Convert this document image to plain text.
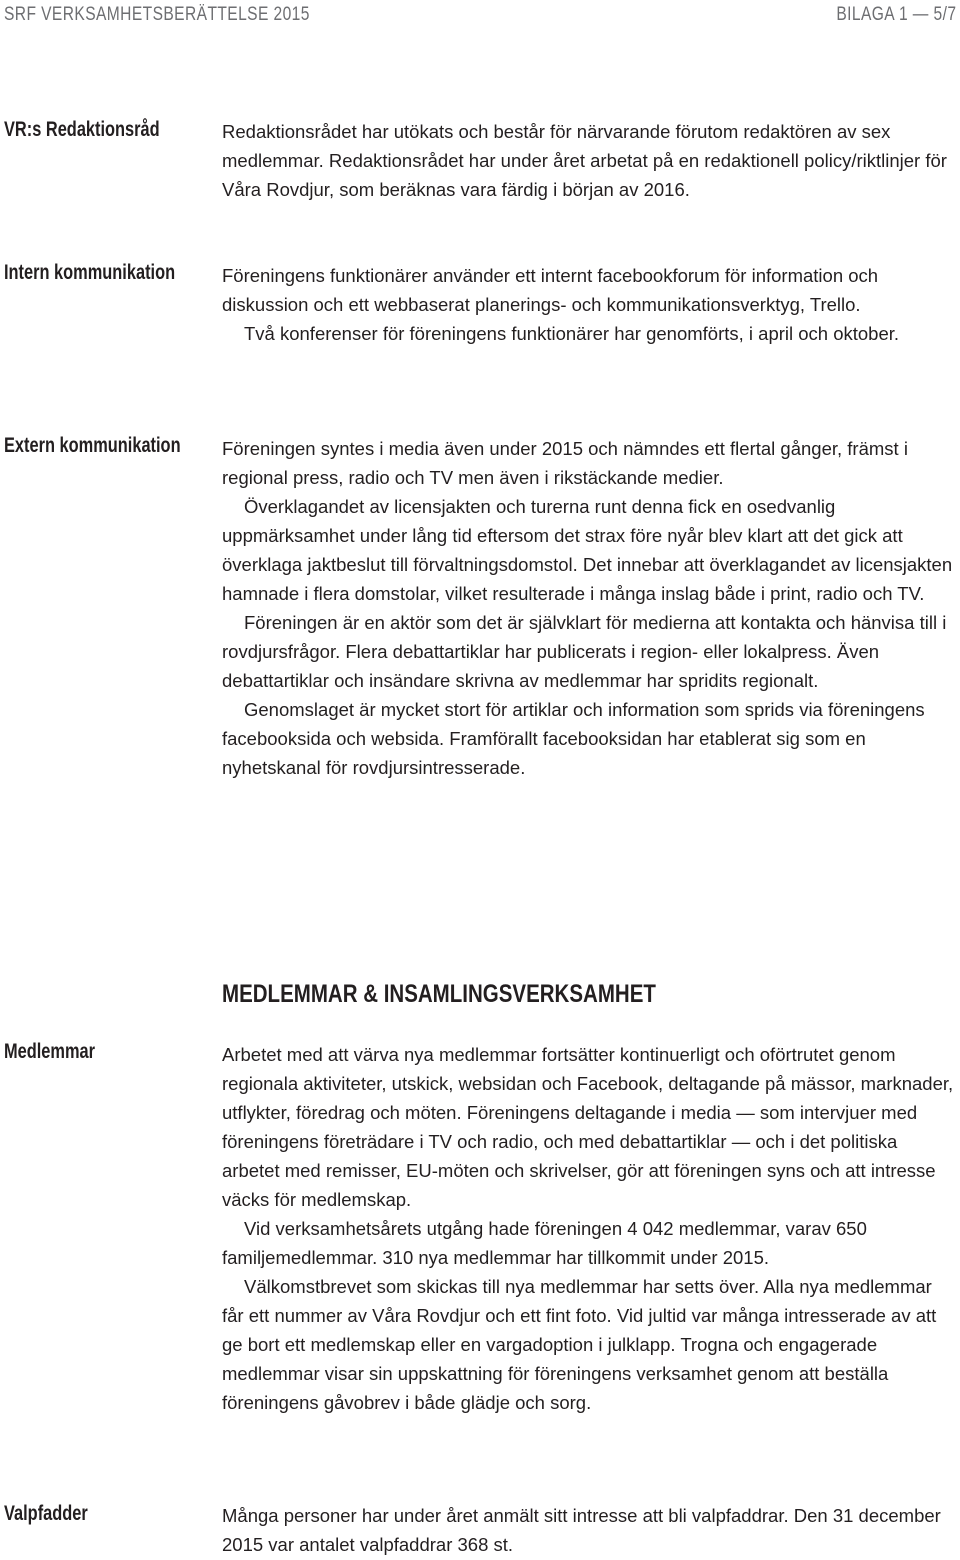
SRF VERKSAMHETSBERÄTTELSE 2015	BILAGA 1 — 5/7
VR:s Redaktionsråd	Redaktionsrådet har utökats och består för närvarande förutom redaktören av sex medlemmar. Redaktionsrådet har under året arbetat på en redaktionell policy/riktlinjer för Våra Rovdjur, som beräknas vara färdig i början av 2016.

Intern kommunikation	Föreningens funktionärer använder ett internt facebookforum för information och diskussion och ett webbaserat planerings- och kommunikationsverktyg, Trello.

Två konferenser för föreningens funktionärer har genomförts, i april och oktober.

Extern kommunikation Föreningen syntes i media även under 2015 och nämndes ett flertal gånger, främst i regional press, radio och TV men även i rikstäckande medier.

Överklagandet av licensjakten och turerna runt denna fick en osedvanlig uppmärksamhet under lång tid eftersom det strax före nyår blev klart att det gick att överklaga jaktbeslut till förvaltningsdomstol. Det innebar att överklagandet av licensjakten hamnade i flera domstolar, vilket resulterade i många inslag både i print, radio och TV.

Föreningen är en aktör som det är självklart för medierna att kontakta och hänvisa till i rovdjursfrågor. Flera debattartiklar har publicerats i region- eller lokalpress. Även debattartiklar och insändare skrivna av medlemmar har spridits regionalt.

Genomslaget är mycket stort för artiklar och information som sprids via föreningens facebooksida och websida. Framförallt facebooksidan har etablerat sig som en nyhetskanal för rovdjursintresserade.

MEDLEMMAR & INSAMLINGSVERKSAMHET
Medlemmar	Arbetet med att värva nya medlemmar fortsätter kontinuerligt och oförtrutet genom regionala aktiviteter, utskick, websidan och Facebook, deltagande på mässor, marknader, utflykter, föredrag och möten. Föreningens deltagande i media — som intervjuer med föreningens företrädare i TV och radio, och med debattartiklar — och i det politiska arbetet med remisser, EU-möten och skrivelser, gör att föreningen syns och att intresse väcks för medlemskap.

Vid verksamhetsårets utgång hade föreningen 4 042 medlemmar, varav 650 familjemedlemmar. 310 nya medlemmar har tillkommit under 2015.

Välkomstbrevet som skickas till nya medlemmar har setts över. Alla nya medlemmar får ett nummer av Våra Rovdjur och ett fint foto. Vid jultid var många intresserade av att ge bort ett medlemskap eller en vargadoption i julklapp. Trogna och engagerade medlemmar visar sin uppskattning för föreningens verksamhet genom att beställa föreningens gåvobrev i både glädje och sorg.

Valpfadder	Många personer har under året anmält sitt intresse att bli valpfaddrar. Den 31 december 2015 var antalet valpfaddrar 368 st.
